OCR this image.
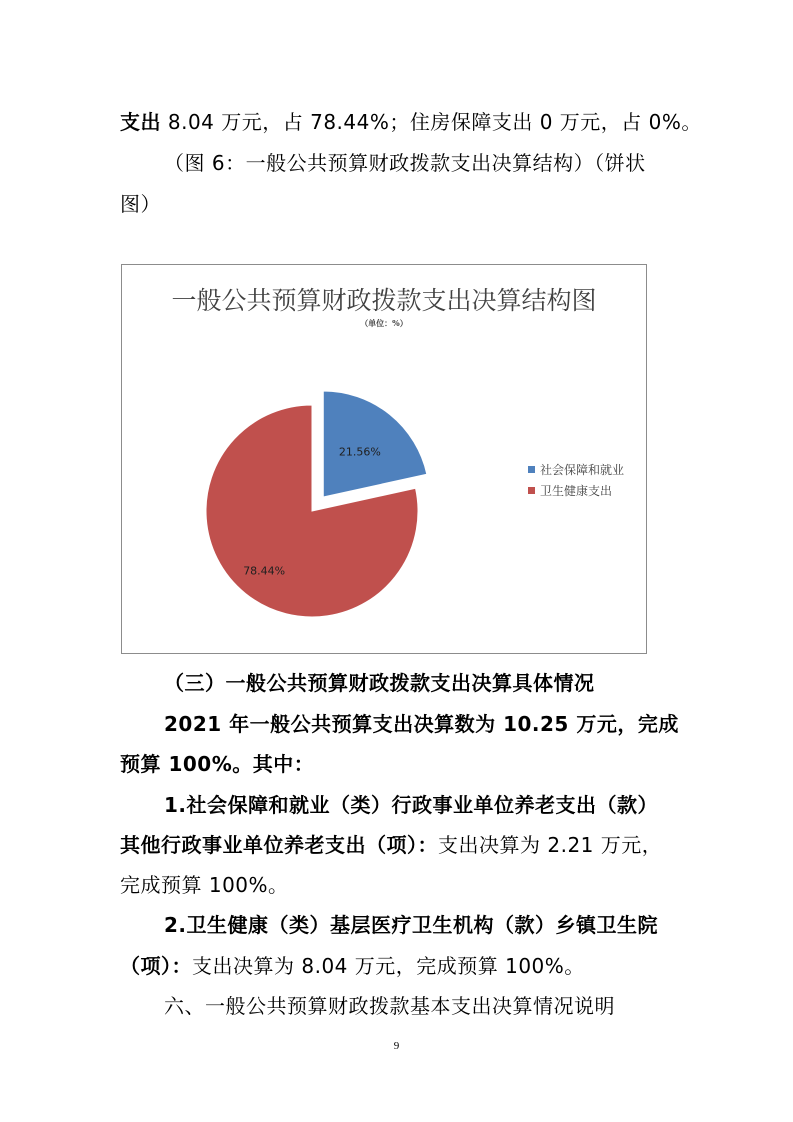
支出 8.04 万元，占 78.44%；住房保障支出 0 万元，占 0%。
（图 6：一般公共预算财政拨款支出决算结构）（饼状
图）
一般公共预算财政拨款支出决算结构图
（单位：%）
21.56%
78.44%
社会保障和就业
卫生健康支出
（三）一般公共预算财政拨款支出决算具体情况
2021 年一般公共预算支出决算数为 10.25 万元，完成
预算 100%。其中：
1.社会保障和就业（类）行政事业单位养老支出（款）
其他行政事业单位养老支出（项）：支出决算为 2.21 万元，
完成预算 100%。
2.卫生健康（类）基层医疗卫生机构（款）乡镇卫生院
（项）：支出决算为 8.04 万元，完成预算 100%。
六、一般公共预算财政拨款基本支出决算情况说明
9
